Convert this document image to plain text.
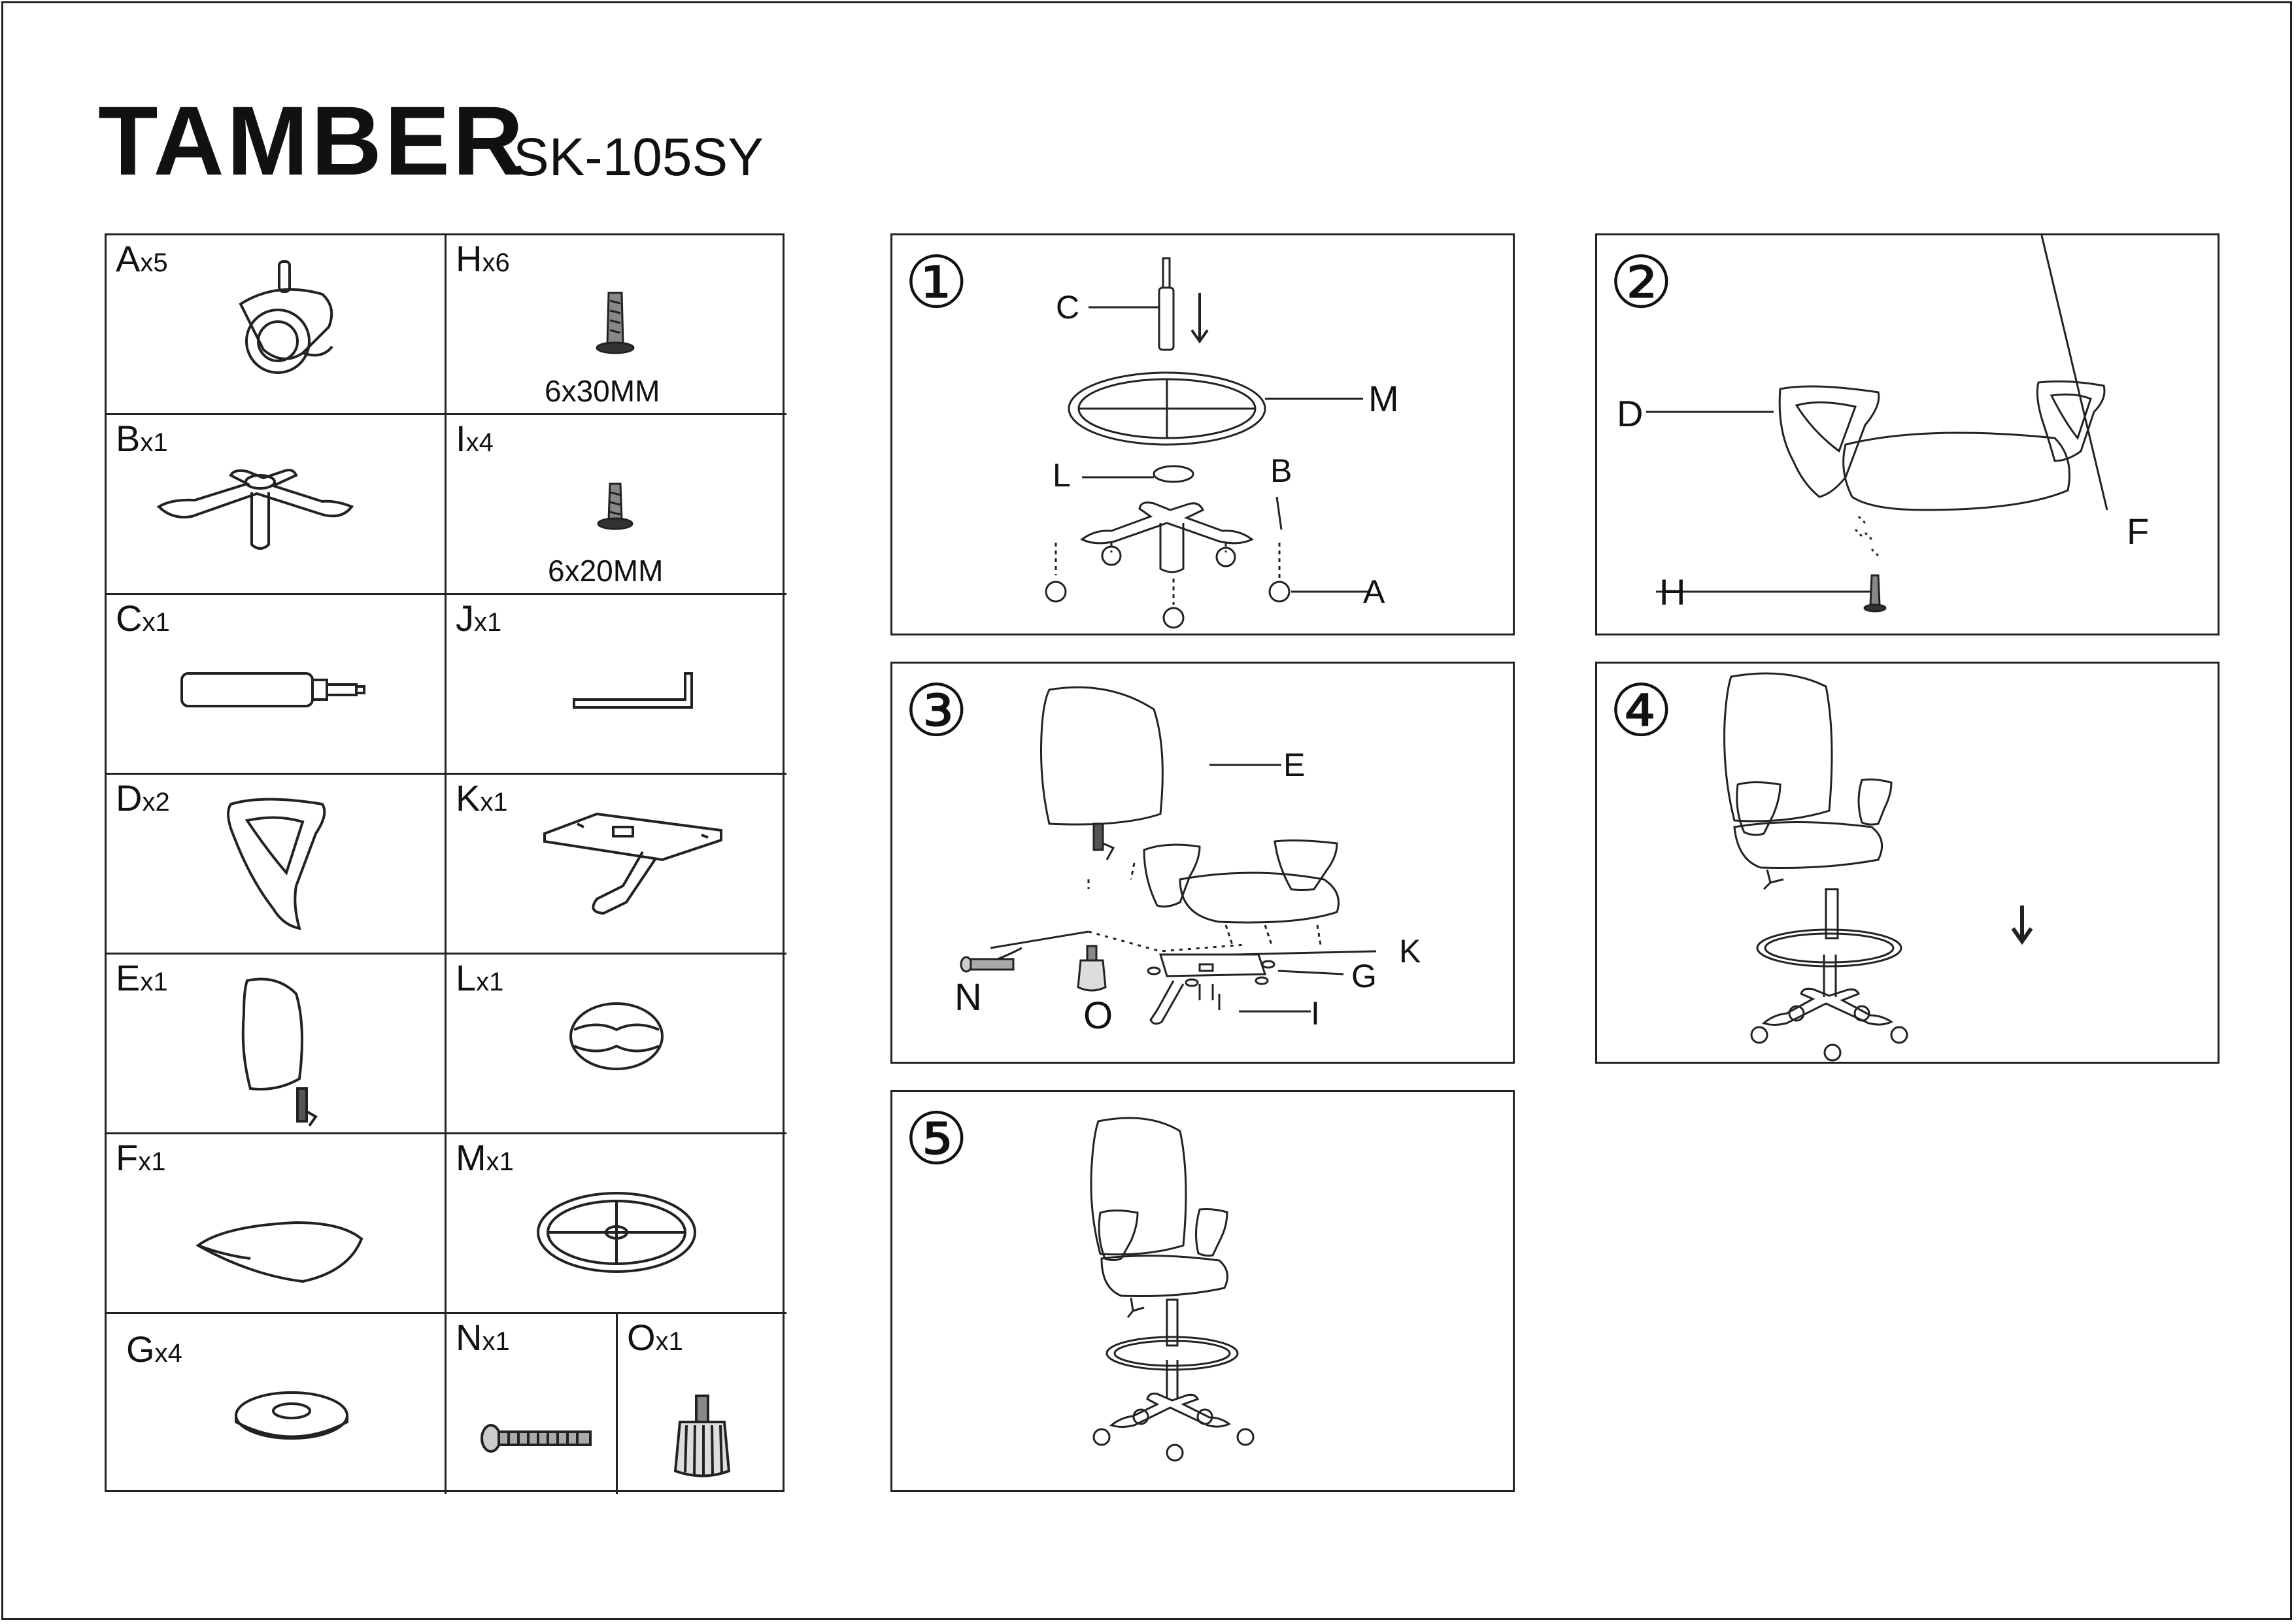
TAMBER
SK-105SY
Ax5	Hx6
6x30MM
Bx1	Ix4
6x20MM
Cx1	Jx1
Dx2	Kx1
Ex1	Lx1
Fx1	Mx1
Gx4	Nx1	Ox1
①	C
M
L	B
A
②
D
F
H
③
E
K
G
I
N	O
④
⑤
